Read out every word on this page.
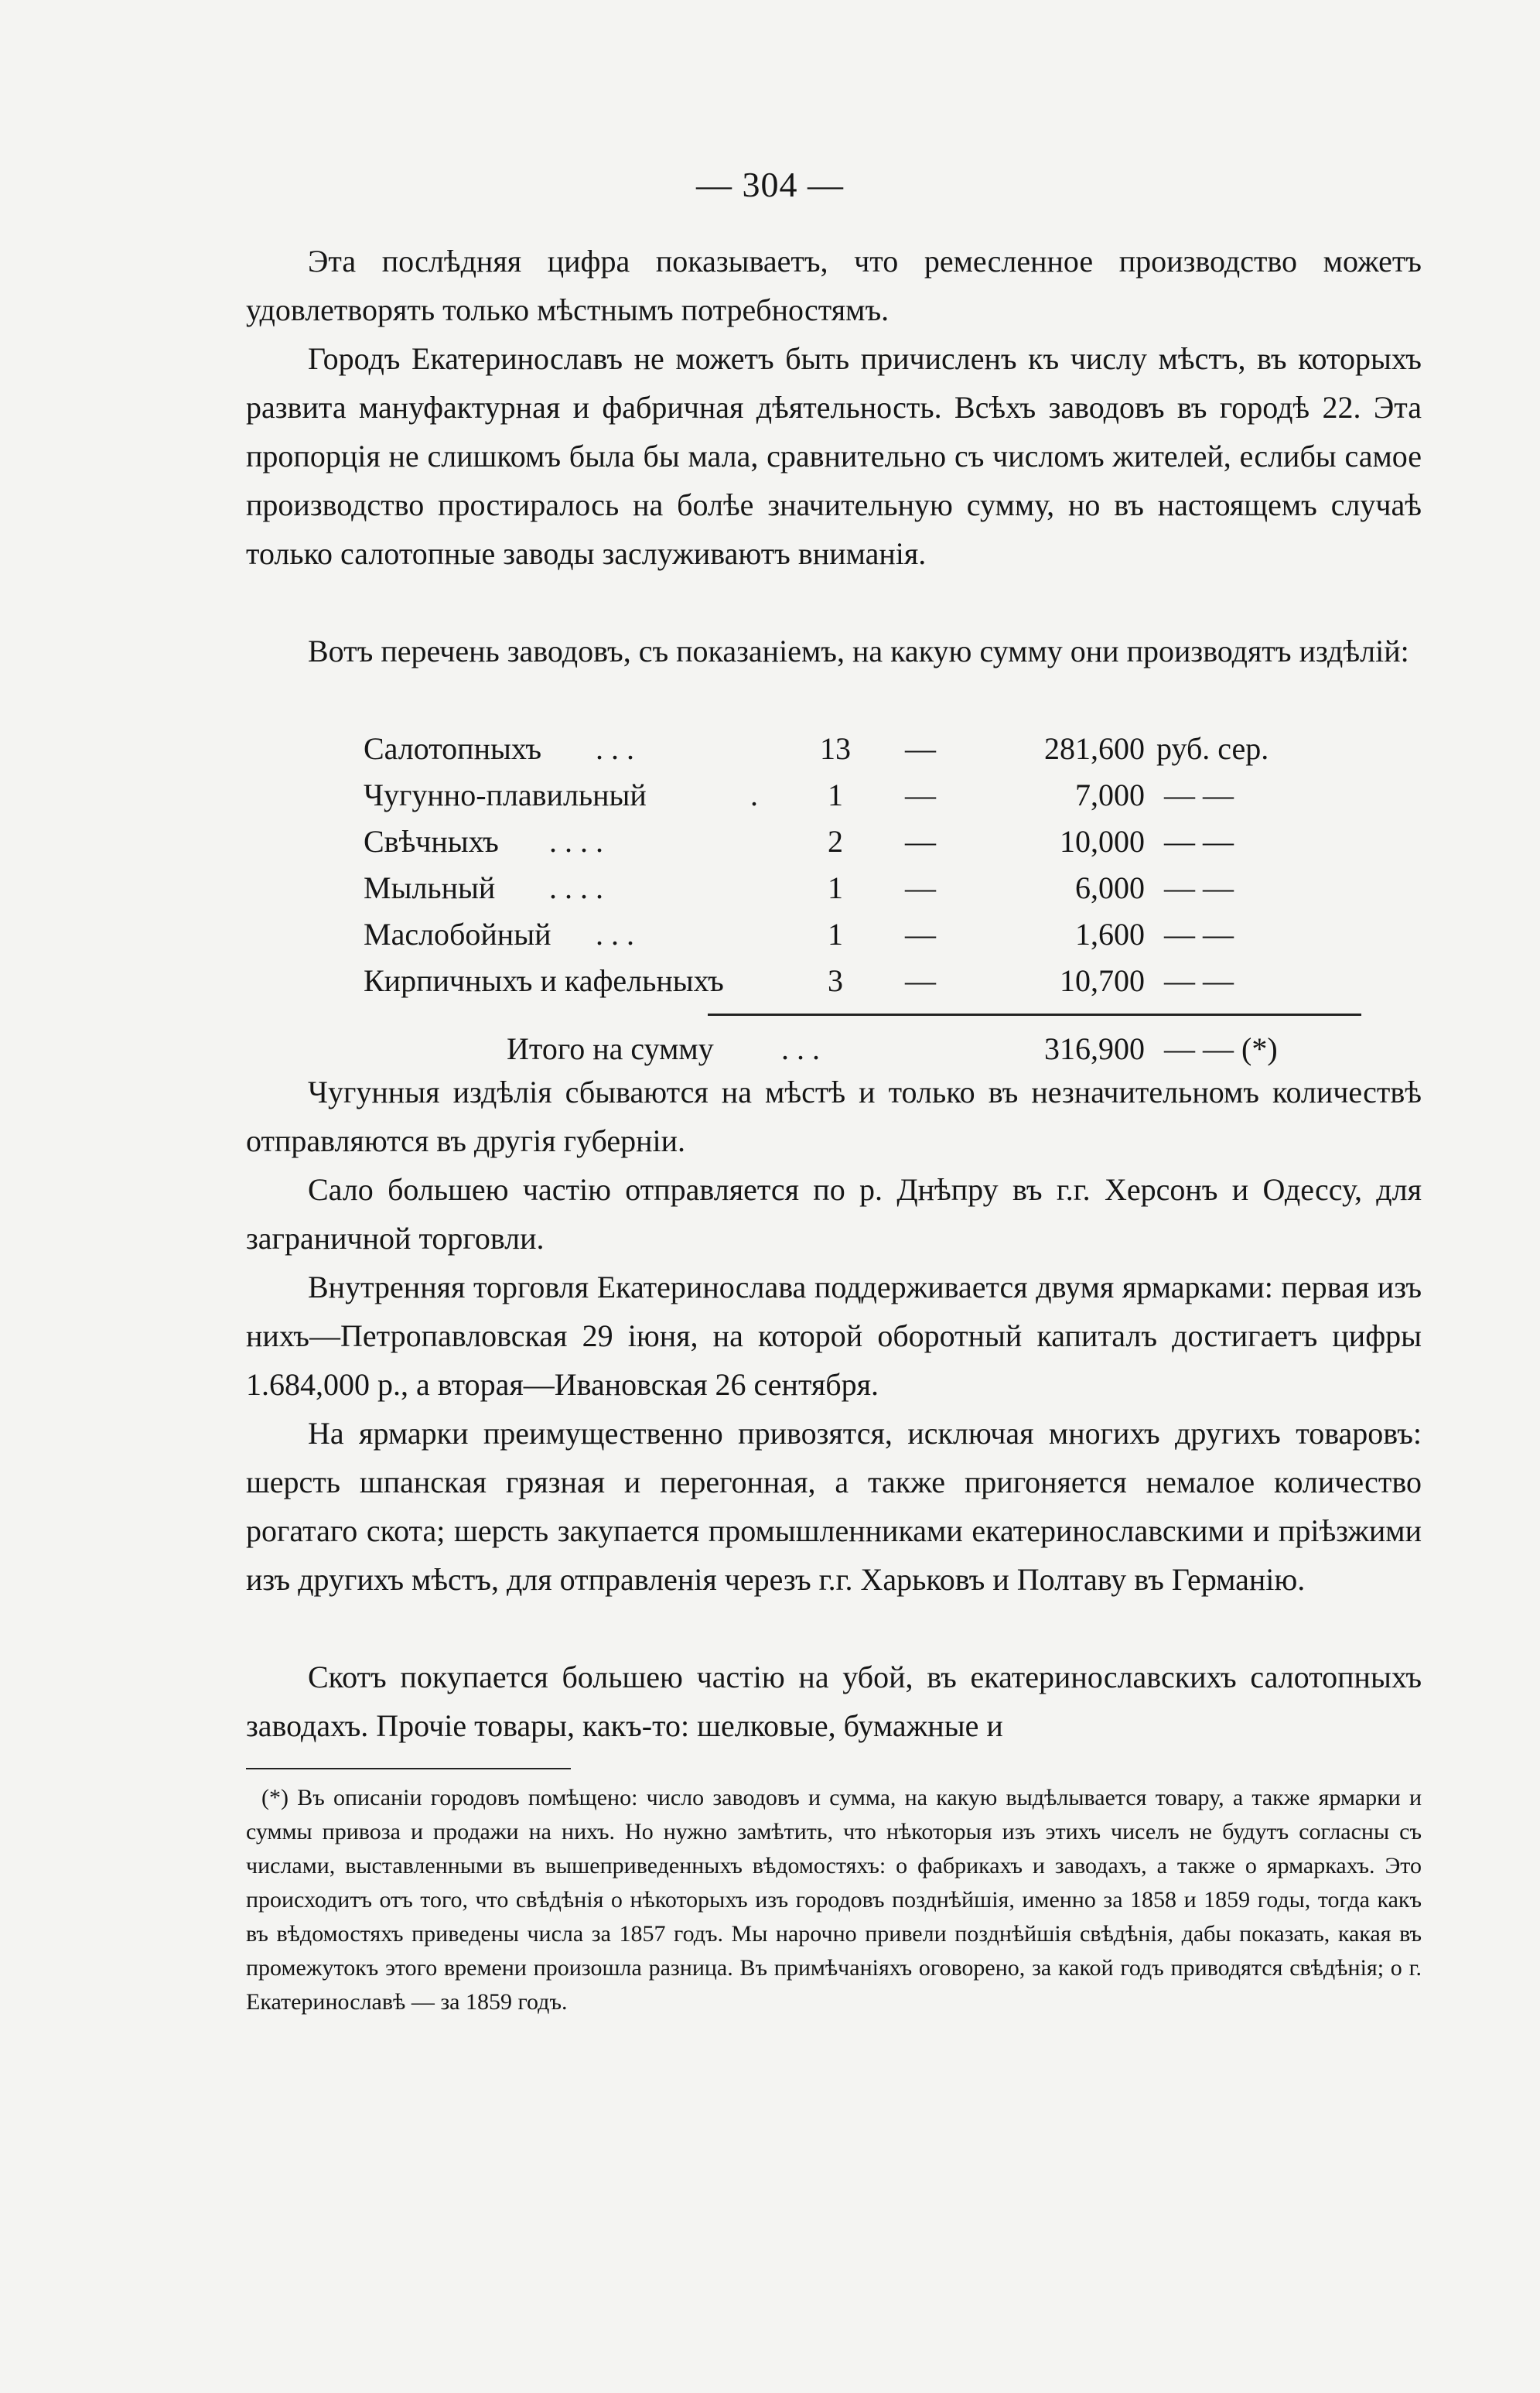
— 304 —

Эта послѣдняя цифра показываетъ, что ремесленное производство можетъ удовлетворять только мѣстнымъ потребностямъ.

Городъ Екатеринославъ не можетъ быть причисленъ къ числу мѣстъ, въ которыхъ развита мануфактурная и фабричная дѣятельность. Всѣхъ заводовъ въ городѣ 22. Эта пропорція не слишкомъ была бы мала, сравнительно съ числомъ жителей, еслибы самое производство простиралось на болѣе значительную сумму, но въ настоящемъ случаѣ только салотопные заводы заслуживаютъ вниманія.

Вотъ перечень заводовъ, съ показаніемъ, на какую сумму они производятъ издѣлій:

Салотопныхъ . . .	13	—	281,600 руб. сер.
Чугунно-плавильный	.	1	—	7,000 — —
Свѣчныхъ . . . .	2	—	10,000 — —
Мыльный . . . .	1	—	6,000 — —
Маслобойный . . .	1	—	1,600 — —
Кирпичныхъ и кафельныхъ	3	—	10,700 — —
Итого на сумму . . .	316,900 — — (*)

Чугунныя издѣлія сбываются на мѣстѣ и только въ незначительномъ количествѣ отправляются въ другія губерніи.

Сало большею частію отправляется по р. Днѣпру въ г.г. Херсонъ и Одессу, для заграничной торговли.

Внутренняя торговля Екатеринослава поддерживается двумя ярмарками: первая изъ нихъ—Петропавловская 29 іюня, на которой оборотный капиталъ достигаетъ цифры 1.684,000 р., а вторая—Ивановская 26 сентября.

На ярмарки преимущественно привозятся, исключая многихъ другихъ товаровъ: шерсть шпанская грязная и перегонная, а также пригоняется немалое количество рогатаго скота; шерсть закупается промышленниками екатеринославскими и пріѣзжими изъ другихъ мѣстъ, для отправленія черезъ г.г. Харьковъ и Полтаву въ Германію.

Скотъ покупается большею частію на убой, въ екатеринославскихъ салотопныхъ заводахъ. Прочіе товары, какъ-то: шелковые, бумажные и

(*) Въ описаніи городовъ помѣщено: число заводовъ и сумма, на какую выдѣлывается товару, а также ярмарки и суммы привоза и продажи на нихъ. Но нужно замѣтить, что нѣкоторыя изъ этихъ чиселъ не будутъ согласны съ числами, выставленными въ вышеприведенныхъ вѣдомостяхъ: о фабрикахъ и заводахъ, а также о ярмаркахъ. Это происходитъ отъ того, что свѣдѣнія о нѣкоторыхъ изъ городовъ позднѣйшія, именно за 1858 и 1859 годы, тогда какъ въ вѣдомостяхъ приведены числа за 1857 годъ. Мы нарочно привели позднѣйшія свѣдѣнія, дабы показать, какая въ промежутокъ этого времени произошла разница. Въ примѣчаніяхъ оговорено, за какой годъ приводятся свѣдѣнія; о г. Екатеринославѣ — за 1859 годъ.
